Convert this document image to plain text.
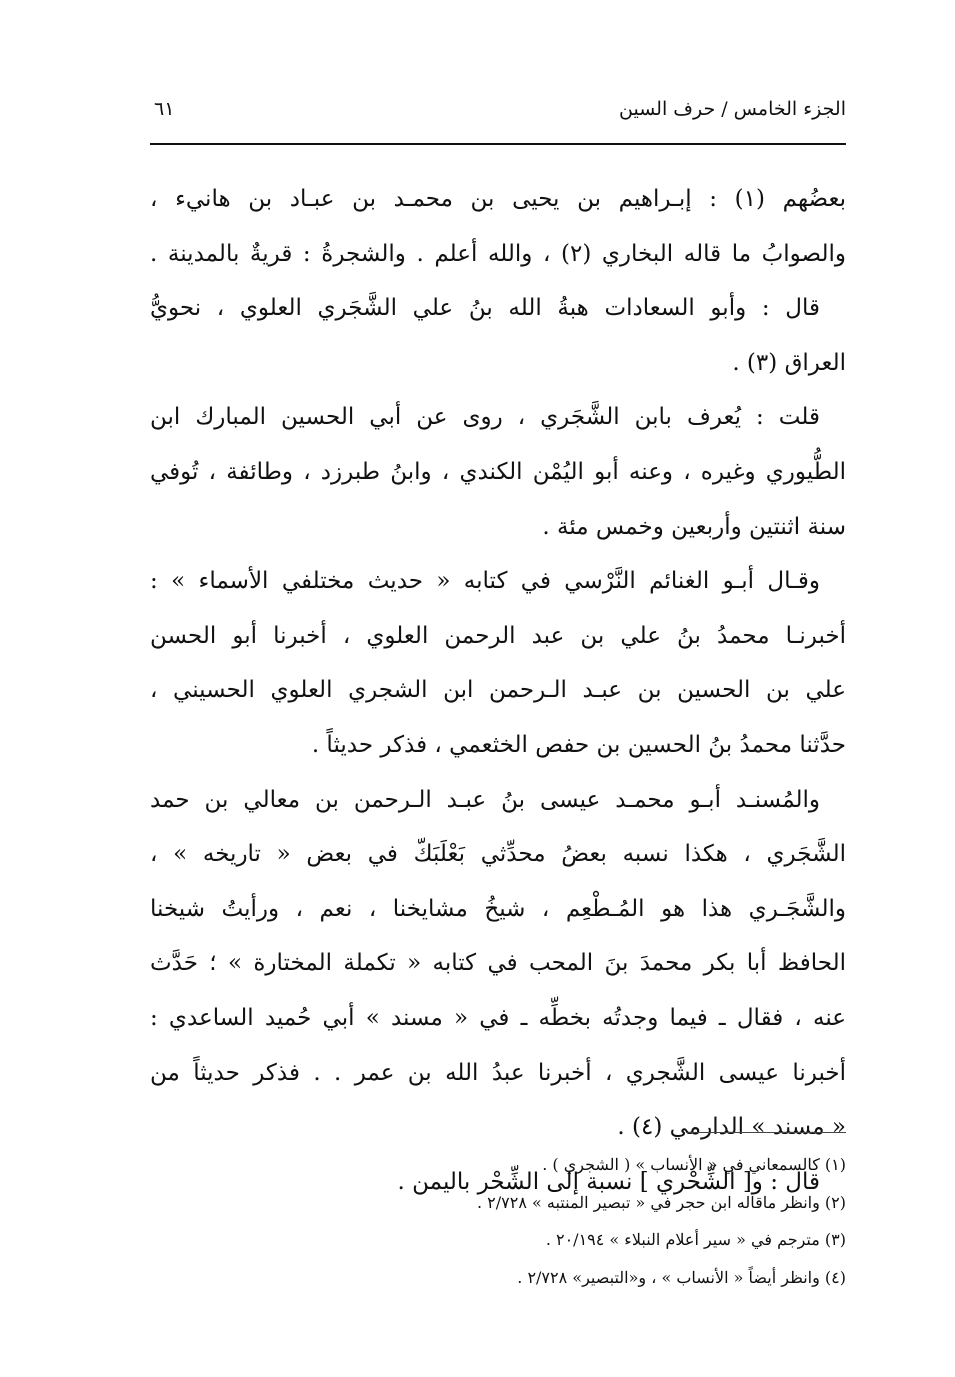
الجزء الخامس / حرف السين
٦١
بعضُهم (١) : إبـراهيم بن يحيى بن محمـد بن عبـاد بن هانيء ،
والصوابُ ما قاله البخاري (٢) ، والله أعلم . والشجرةُ : قريةٌ بالمدينة .
قال : وأبو السعادات هبةُ الله بنُ علي الشَّجَري العلوي ، نحويُّ
العراق (٣) .
قلت : يُعرف بابن الشَّجَري ، روى عن أبي الحسين المبارك ابن
الطُّيوري وغيره ، وعنه أبو اليُمْن الكندي ، وابنُ طبرزد ، وطائفة ، تُوفي
سنة اثنتين وأربعين وخمس مئة .
وقـال أبـو الغنائم النَّرْسي في كتابه « حديث مختلفي الأسماء » :
أخبرنـا محمدُ بنُ علي بن عبد الرحمن العلوي ، أخبرنا أبو الحسن
علي بن الحسين بن عبـد الـرحمن ابن الشجري العلوي الحسيني ،
حدَّثنا محمدُ بنُ الحسين بن حفص الخثعمي ، فذكر حديثاً .
والمُسنـد أبـو محمـد عيسى بنُ عبـد الـرحمن بن معالي بن حمد
الشَّجَري ، هكذا نسبه بعضُ محدِّثي بَعْلَبَكّ في بعض « تاريخه » ،
والشَّجَـري هذا هو المُـطْعِم ، شيخُ مشايخنا ، نعم ، ورأيتُ شيخنا
الحافظ أبا بكر محمدَ بنَ المحب في كتابه « تكملة المختارة » ؛ حَدَّث
عنه ، فقال ـ فيما وجدتُه بخطِّه ـ في « مسند » أبي حُميد الساعدي :
أخبرنا عيسى الشَّجري ، أخبرنا عبدُ الله بن عمر . . فذكر حديثاً من
« مسند » الدارمي (٤) .
قال : و[ الشِّحْري ] نسبة إلى الشِّحْر باليمن .
(١) كالسمعاني في « الأنساب » ( الشجري ) .
(٢) وانظر ماقاله ابن حجر في « تبصير المنتبه » ٢/٧٢٨ .
(٣) مترجم في « سير أعلام النبلاء » ٢٠/١٩٤ .
(٤) وانظر أيضاً « الأنساب » ، و«التبصير» ٢/٧٢٨ .
